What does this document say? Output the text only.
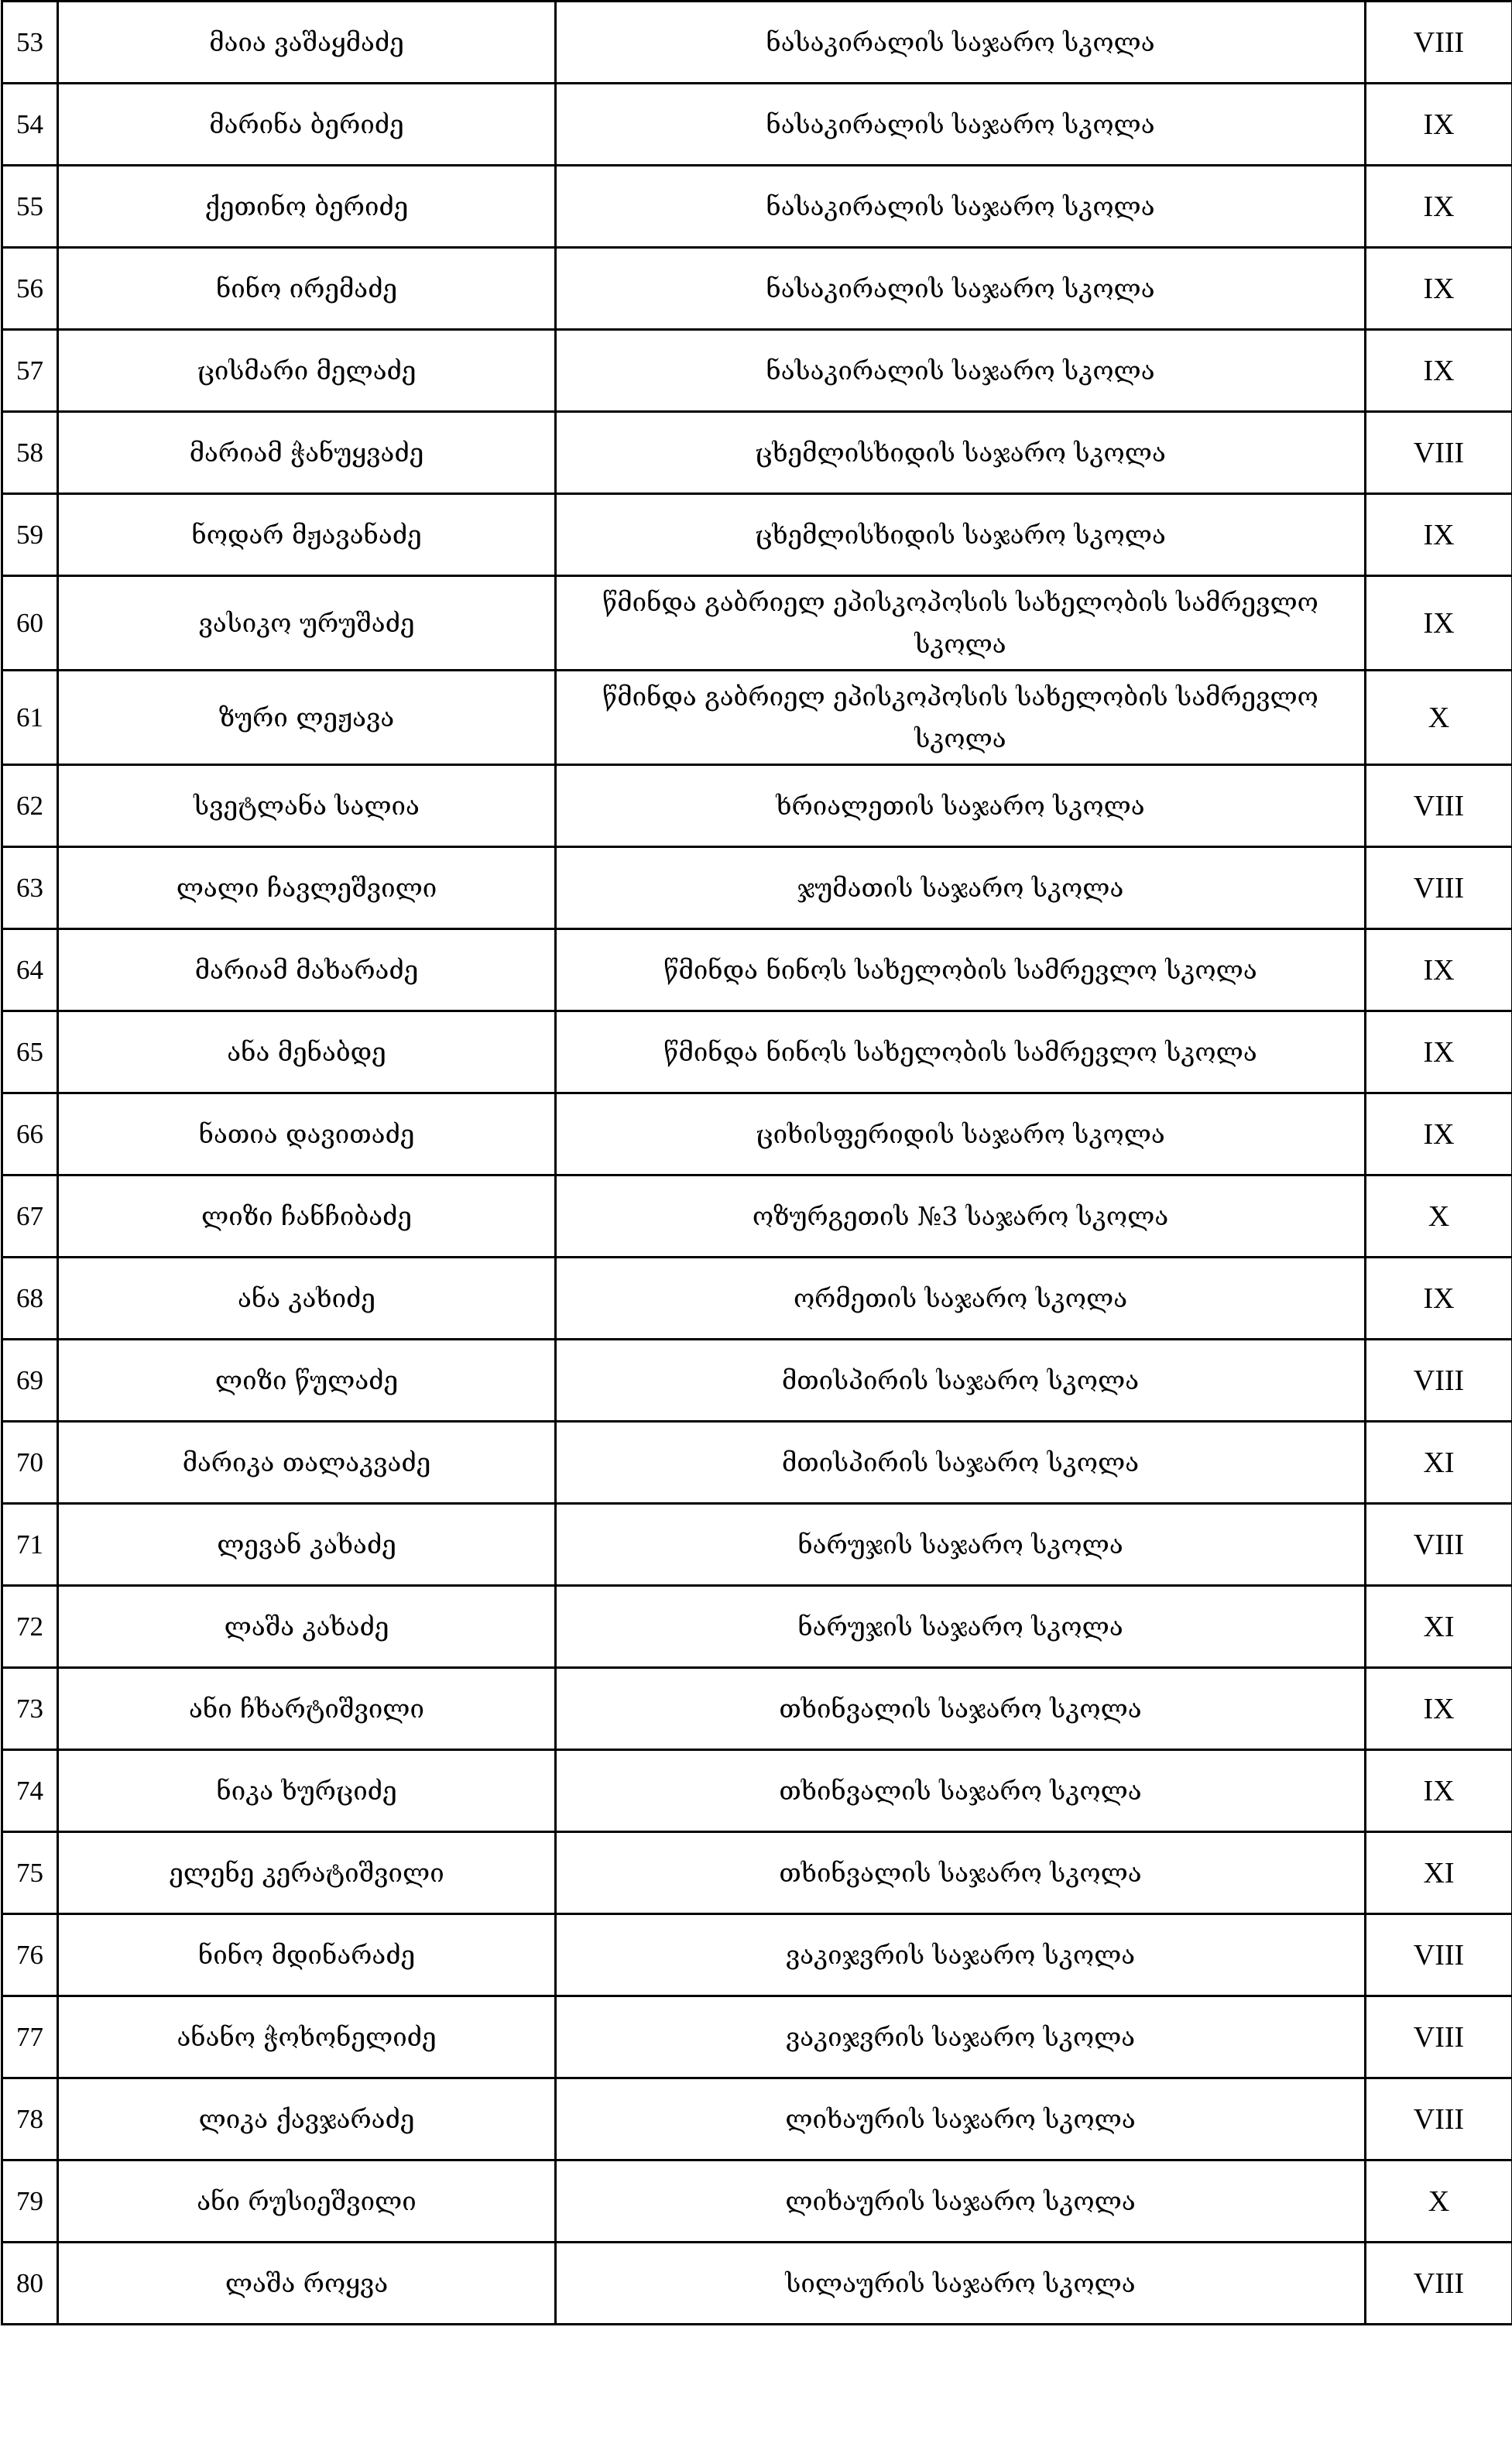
53	მაია ვაშაყმაძე	ნასაკირალის საჯარო სკოლა	VIII
54	მარინა ბერიძე	ნასაკირალის საჯარო სკოლა	IX
55	ქეთინო ბერიძე	ნასაკირალის საჯარო სკოლა	IX
56	ნინო ირემაძე	ნასაკირალის საჯარო სკოლა	IX
57	ცისმარი მელაძე	ნასაკირალის საჯარო სკოლა	IX
58	მარიამ ჭანუყვაძე	ცხემლისხიდის საჯარო სკოლა	VIII
59	ნოდარ მჟავანაძე	ცხემლისხიდის საჯარო სკოლა	IX
60	ვასიკო ურუშაძე	წმინდა გაბრიელ ეპისკოპოსის სახელობის სამრევლო სკოლა	IX
61	ზური ლეჟავა	წმინდა გაბრიელ ეპისკოპოსის სახელობის სამრევლო სკოლა	X
62	სვეტლანა სალია	ხრიალეთის საჯარო სკოლა	VIII
63	ლალი ჩავლეშვილი	ჯუმათის საჯარო სკოლა	VIII
64	მარიამ მახარაძე	წმინდა ნინოს სახელობის სამრევლო სკოლა	IX
65	ანა მენაბდე	წმინდა ნინოს სახელობის სამრევლო სკოლა	IX
66	ნათია დავითაძე	ციხისფერიდის საჯარო სკოლა	IX
67	ლიზი ჩანჩიბაძე	ოზურგეთის №3 საჯარო სკოლა	X
68	ანა კახიძე	ორმეთის საჯარო სკოლა	IX
69	ლიზი წულაძე	მთისპირის საჯარო სკოლა	VIII
70	მარიკა თალაკვაძე	მთისპირის საჯარო სკოლა	XI
71	ლევან კახაძე	ნარუჯის საჯარო სკოლა	VIII
72	ლაშა კახაძე	ნარუჯის საჯარო სკოლა	XI
73	ანი ჩხარტიშვილი	თხინვალის საჯარო სკოლა	IX
74	ნიკა ხურციძე	თხინვალის საჯარო სკოლა	IX
75	ელენე კერატიშვილი	თხინვალის საჯარო სკოლა	XI
76	ნინო მდინარაძე	ვაკიჯვრის საჯარო სკოლა	VIII
77	ანანო ჭოხონელიძე	ვაკიჯვრის საჯარო სკოლა	VIII
78	ლიკა ქავჯარაძე	ლიხაურის საჯარო სკოლა	VIII
79	ანი რუსიეშვილი	ლიხაურის საჯარო სკოლა	X
80	ლაშა როყვა	სილაურის საჯარო სკოლა	VIII
